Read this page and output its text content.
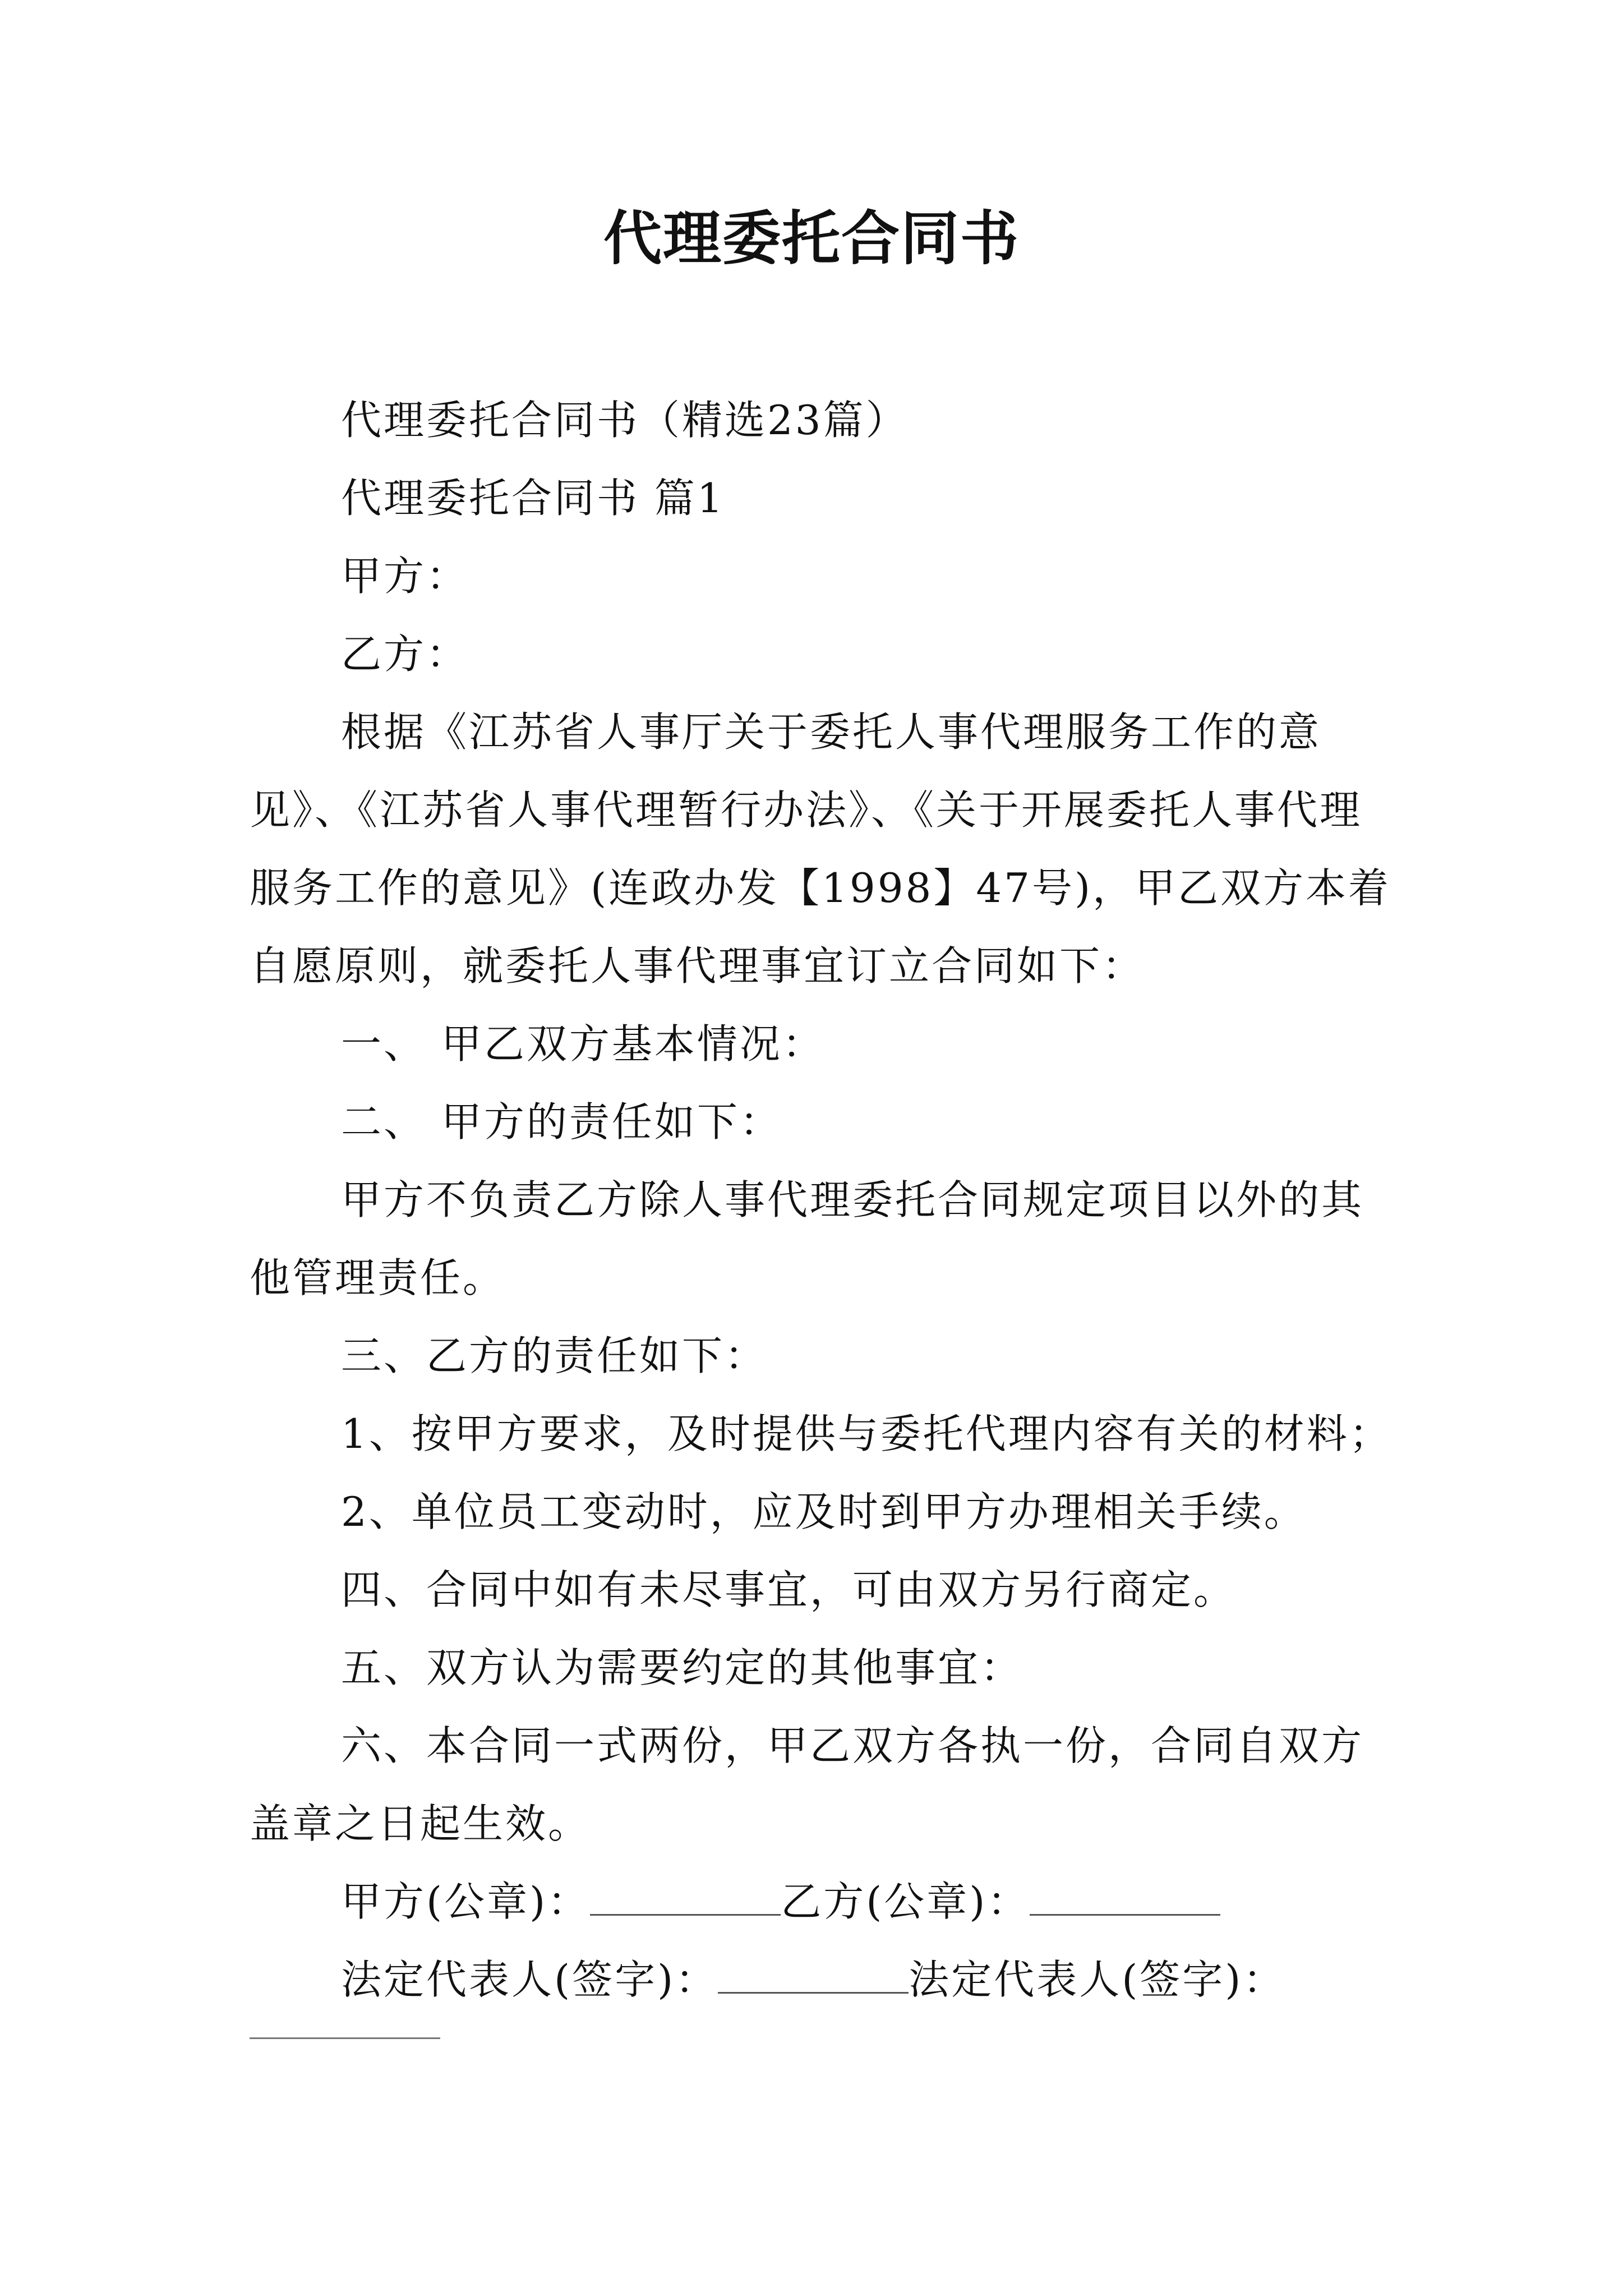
代理委托合同书

代理委托合同书（精选23篇）

代理委托合同书 篇1

甲方：

乙方：

根据《江苏省人事厅关于委托人事代理服务工作的意见》、《江苏省人事代理暂行办法》、《关于开展委托人事代理服务工作的意见》(连政办发【1998】47号)，甲乙双方本着自愿原则，就委托人事代理事宜订立合同如下：

一、 甲乙双方基本情况：

二、 甲方的责任如下：

甲方不负责乙方除人事代理委托合同规定项目以外的其他管理责任。

三、乙方的责任如下：

1、按甲方要求，及时提供与委托代理内容有关的材料；

2、单位员工变动时，应及时到甲方办理相关手续。

四、合同中如有未尽事宜，可由双方另行商定。

五、双方认为需要约定的其他事宜：

六、本合同一式两份，甲乙双方各执一份，合同自双方盖章之日起生效。

甲方(公章)：	乙方(公章)：

法定代表人(签字)：	法定代表人(签字)：
